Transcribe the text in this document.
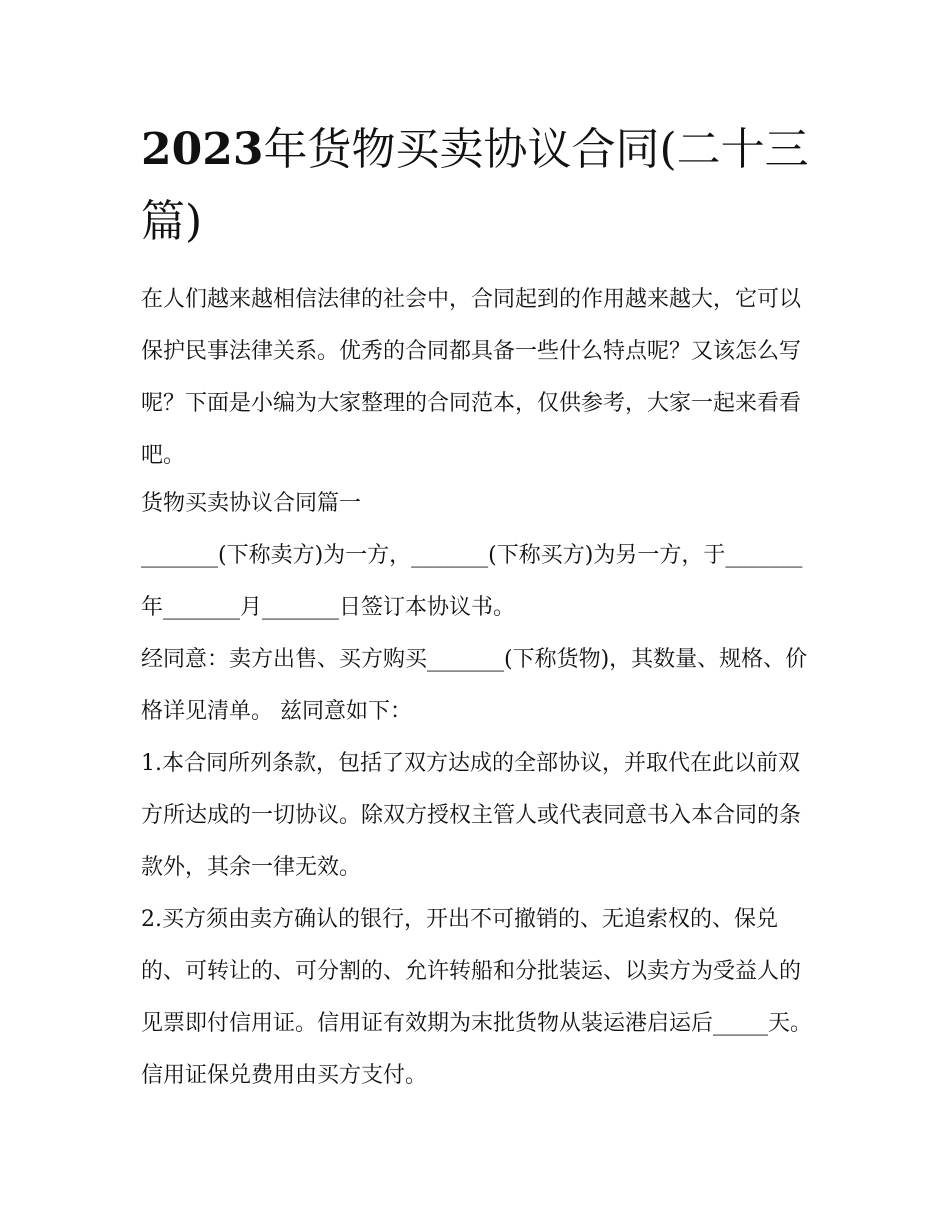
2023年货物买卖协议合同(二十三篇)

在人们越来越相信法律的社会中，合同起到的作用越来越大，它可以保护民事法律关系。优秀的合同都具备一些什么特点呢？又该怎么写呢？下面是小编为大家整理的合同范本，仅供参考，大家一起来看看吧。

货物买卖协议合同篇一

_______(下称卖方)为一方，_______(下称买方)为另一方，于_______年_______月_______日签订本协议书。

经同意：卖方出售、买方购买_______(下称货物)，其数量、规格、价格详见清单。 兹同意如下：

1.本合同所列条款，包括了双方达成的全部协议，并取代在此以前双方所达成的一切协议。除双方授权主管人或代表同意书入本合同的条款外，其余一律无效。

2.买方须由卖方确认的银行，开出不可撤销的、无追索权的、保兑的、可转让的、可分割的、允许转船和分批装运、以卖方为受益人的见票即付信用证。信用证有效期为末批货物从装运港启运后_____天。信用证保兑费用由买方支付。
